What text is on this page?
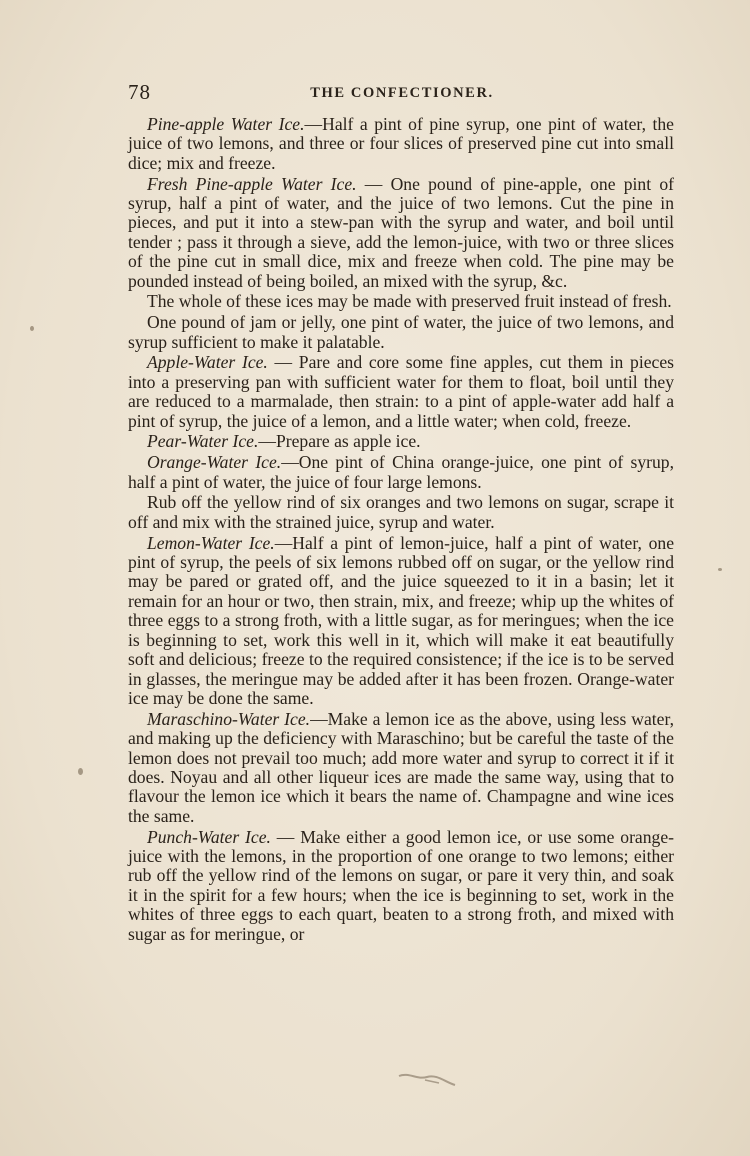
78	THE CONFECTIONER.

Pine-apple Water Ice.—Half a pint of pine syrup, one pint of water, the juice of two lemons, and three or four slices of preserved pine cut into small dice; mix and freeze.

Fresh Pine-apple Water Ice. — One pound of pine-apple, one pint of syrup, half a pint of water, and the juice of two lemons. Cut the pine in pieces, and put it into a stew-pan with the syrup and water, and boil until tender ; pass it through a sieve, add the lemon-juice, with two or three slices of the pine cut in small dice, mix and freeze when cold. The pine may be pounded instead of being boiled, an mixed with the syrup, &c.

The whole of these ices may be made with preserved fruit instead of fresh.

One pound of jam or jelly, one pint of water, the juice of two lemons, and syrup sufficient to make it palatable.

Apple-Water Ice. — Pare and core some fine apples, cut them in pieces into a preserving pan with sufficient water for them to float, boil until they are reduced to a marmalade, then strain: to a pint of apple-water add half a pint of syrup, the juice of a lemon, and a little water; when cold, freeze.

Pear-Water Ice.—Prepare as apple ice.

Orange-Water Ice.—One pint of China orange-juice, one pint of syrup, half a pint of water, the juice of four large lemons.

Rub off the yellow rind of six oranges and two lemons on sugar, scrape it off and mix with the strained juice, syrup and water.

Lemon-Water Ice.—Half a pint of lemon-juice, half a pint of water, one pint of syrup, the peels of six lemons rubbed off on sugar, or the yellow rind may be pared or grated off, and the juice squeezed to it in a basin; let it remain for an hour or two, then strain, mix, and freeze; whip up the whites of three eggs to a strong froth, with a little sugar, as for meringues; when the ice is beginning to set, work this well in it, which will make it eat beautifully soft and delicious; freeze to the required consistence; if the ice is to be served in glasses, the meringue may be added after it has been frozen. Orange-water ice may be done the same.

Maraschino-Water Ice.—Make a lemon ice as the above, using less water, and making up the deficiency with Maraschino; but be careful the taste of the lemon does not prevail too much; add more water and syrup to correct it if it does. Noyau and all other liqueur ices are made the same way, using that to flavour the lemon ice which it bears the name of. Champagne and wine ices the same.

Punch-Water Ice. — Make either a good lemon ice, or use some orange-juice with the lemons, in the proportion of one orange to two lemons; either rub off the yellow rind of the lemons on sugar, or pare it very thin, and soak it in the spirit for a few hours; when the ice is beginning to set, work in the whites of three eggs to each quart, beaten to a strong froth, and mixed with sugar as for meringue, or
